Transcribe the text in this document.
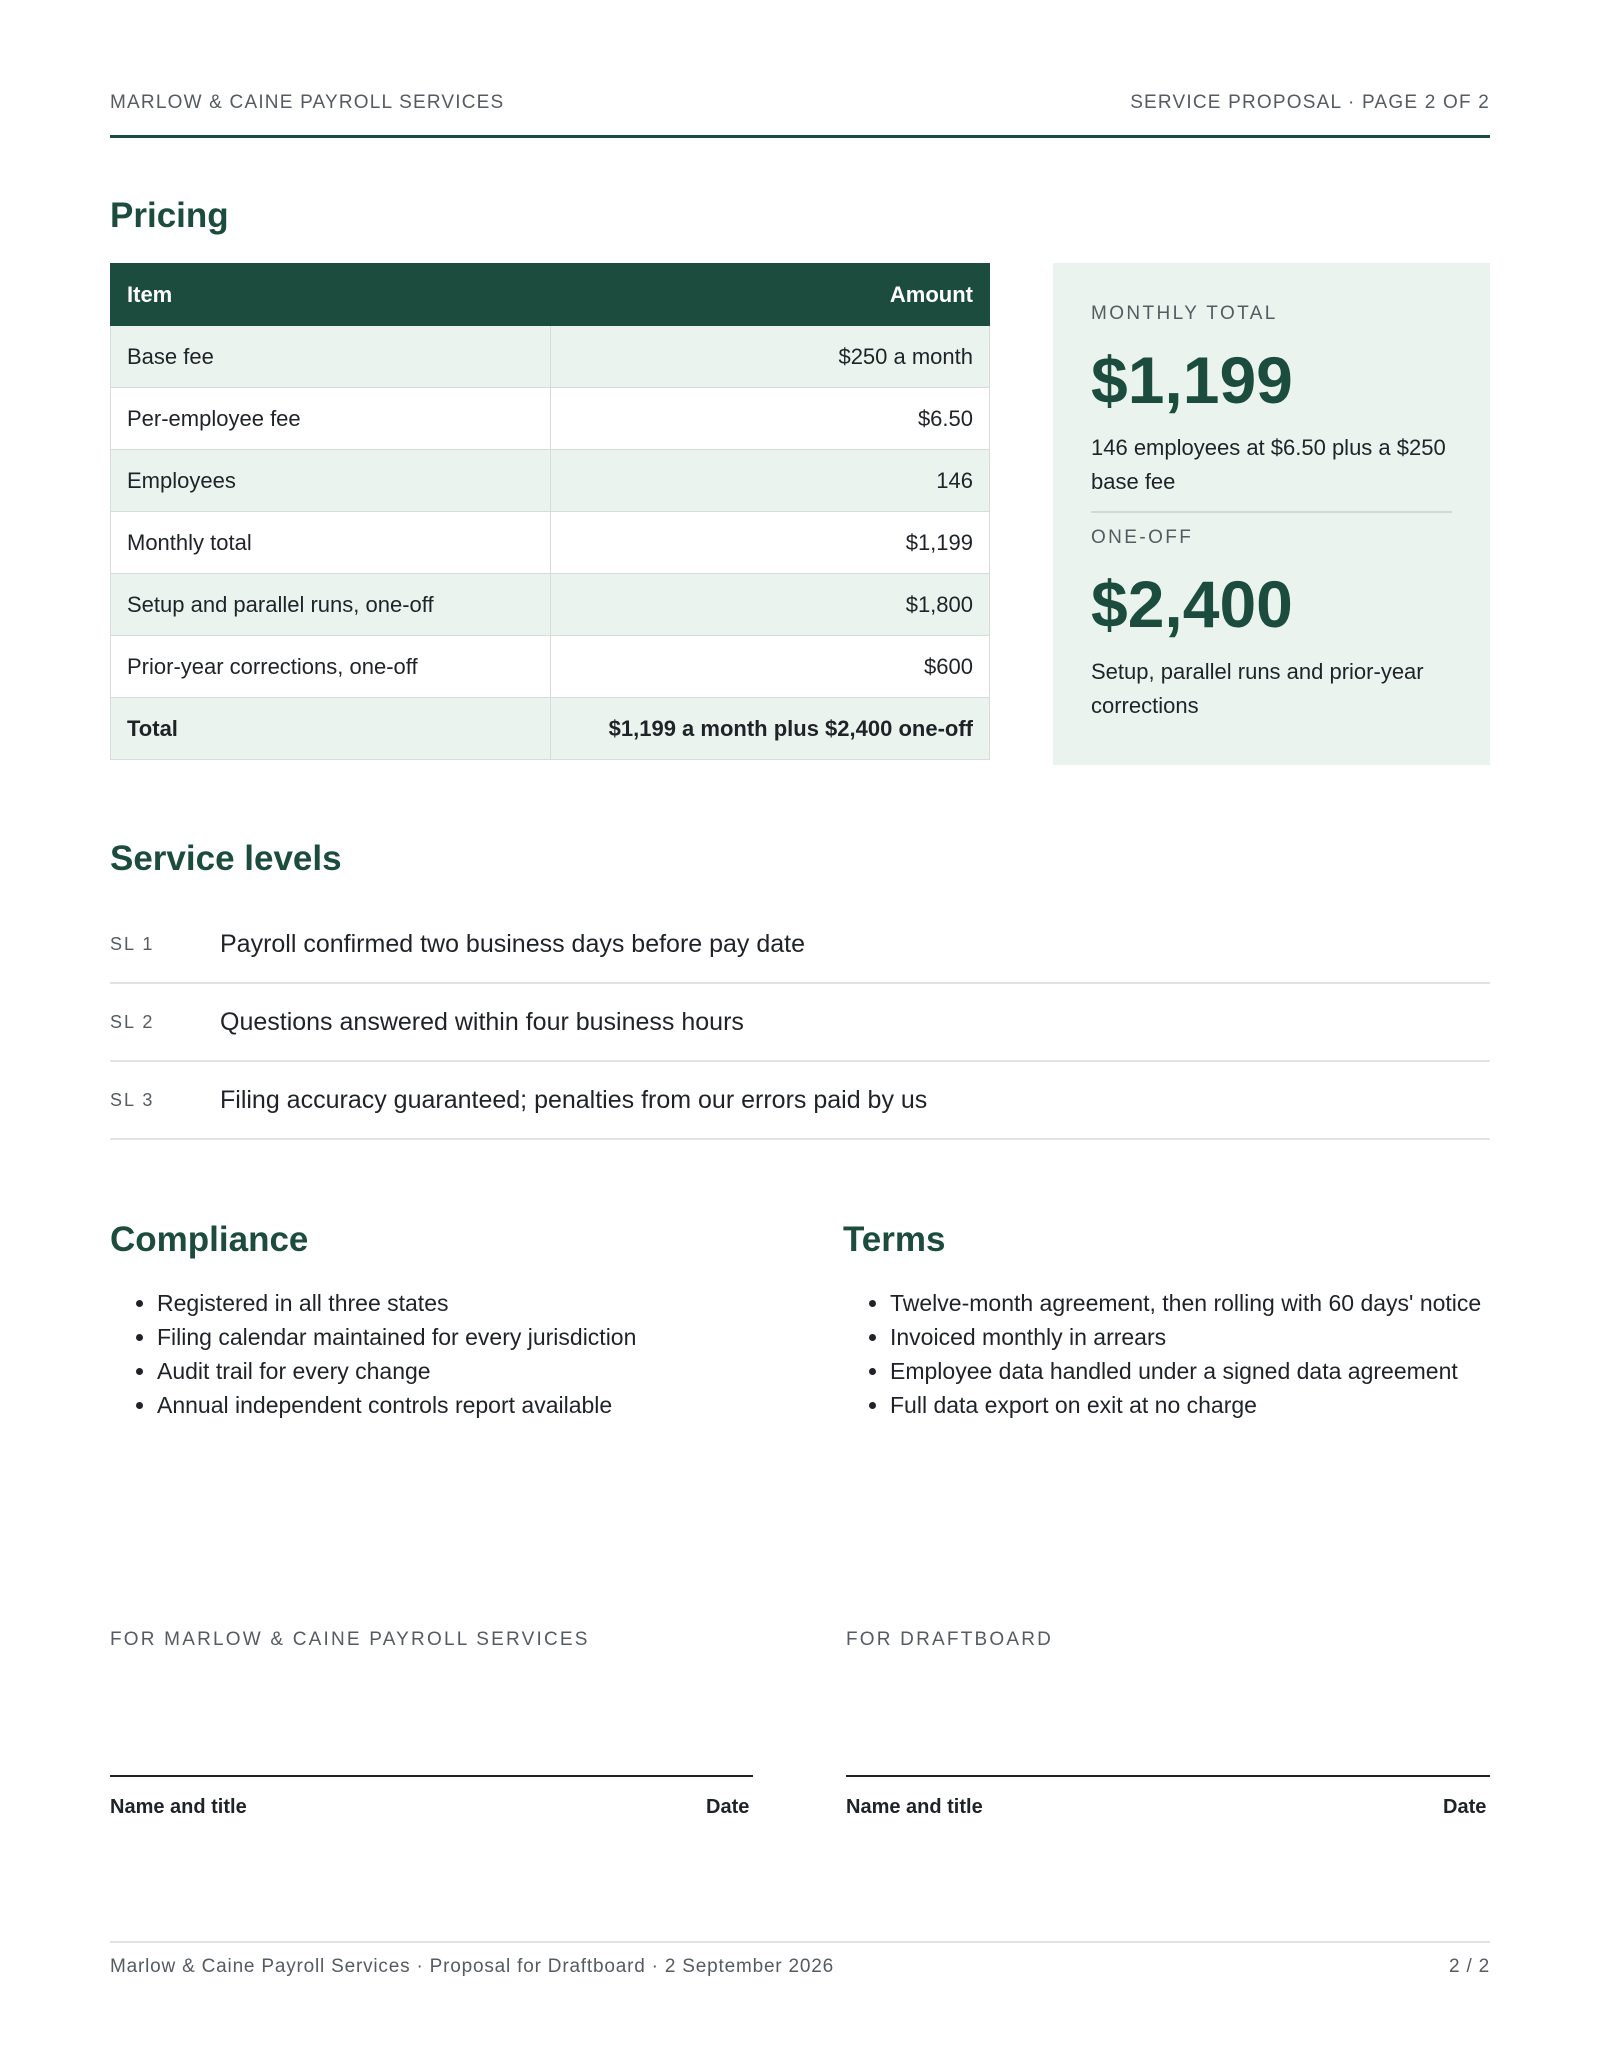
MARLOW & CAINE PAYROLL SERVICES	SERVICE PROPOSAL · PAGE 2 OF 2
Pricing
Item	Amount
Base fee	$250 a month
Per-employee fee	$6.50
Employees	146
Monthly total	$1,199
Setup and parallel runs, one-off	$1,800
Prior-year corrections, one-off	$600
Total	$1,199 a month plus $2,400 one-off
MONTHLY TOTAL
$1,199
146 employees at $6.50 plus a $250 base fee
ONE-OFF
$2,400
Setup, parallel runs and prior-year corrections
Service levels
SL 1	Payroll confirmed two business days before pay date
SL 2	Questions answered within four business hours
SL 3	Filing accuracy guaranteed; penalties from our errors paid by us
Compliance
• Registered in all three states
• Filing calendar maintained for every jurisdiction
• Audit trail for every change
• Annual independent controls report available
Terms
• Twelve-month agreement, then rolling with 60 days' notice
• Invoiced monthly in arrears
• Employee data handled under a signed data agreement
• Full data export on exit at no charge
FOR MARLOW & CAINE PAYROLL SERVICES
Name and title	Date
FOR DRAFTBOARD
Name and title	Date
Marlow & Caine Payroll Services · Proposal for Draftboard · 2 September 2026	2 / 2
